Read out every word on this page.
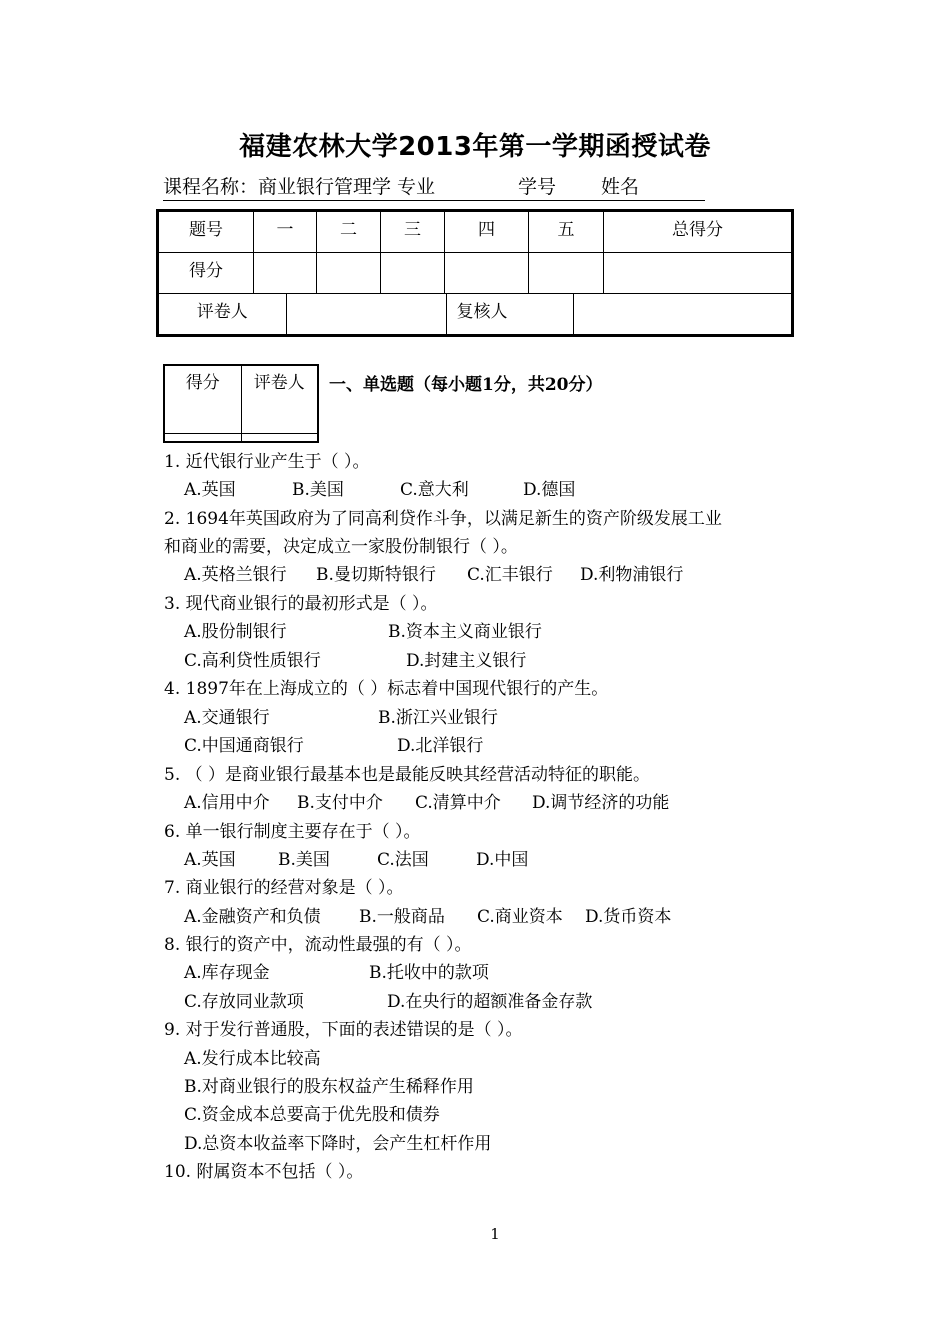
福建农林大学2013年第一学期函授试卷
课程名称：商业银行管理学 专业	学号 姓名
题号	一	二	三	四	五	总得分
得分						

评卷人		复核人	
得分	评卷人
	一、单选题（每小题1分，共20分）
1. 近代银行业产生于（ ）。
A.英国	B.美国	C.意大利	D.德国
2. 1694年英国政府为了同高利贷作斗争，以满足新生的资产阶级发展工业
和商业的需要，决定成立一家股份制银行（ ）。
A.英格兰银行 B.曼切斯特银行 C.汇丰银行 D.利物浦银行
3. 现代商业银行的最初形式是（ ）。
A.股份制银行	B.资本主义商业银行
C.高利贷性质银行	D.封建主义银行
4. 1897年在上海成立的（ ）标志着中国现代银行的产生。
A.交通银行	B.浙江兴业银行
C.中国通商银行	D.北洋银行
5. （ ）是商业银行最基本也是最能反映其经营活动特征的职能。
A.信用中介 B.支付中介 C.清算中介 D.调节经济的功能
6. 单一银行制度主要存在于（ ）。
A.英国 B.美国	C.法国	D.中国
7. 商业银行的经营对象是（ ）。
A.金融资产和负债 B.一般商品 C.商业资本 D.货币资本
8. 银行的资产中，流动性最强的有（ ）。
A.库存现金	B.托收中的款项
C.存放同业款项	D.在央行的超额准备金存款
9. 对于发行普通股，下面的表述错误的是（ ）。
A.发行成本比较高
B.对商业银行的股东权益产生稀释作用
C.资金成本总要高于优先股和债券
D.总资本收益率下降时，会产生杠杆作用
10. 附属资本不包括（ ）。
1
